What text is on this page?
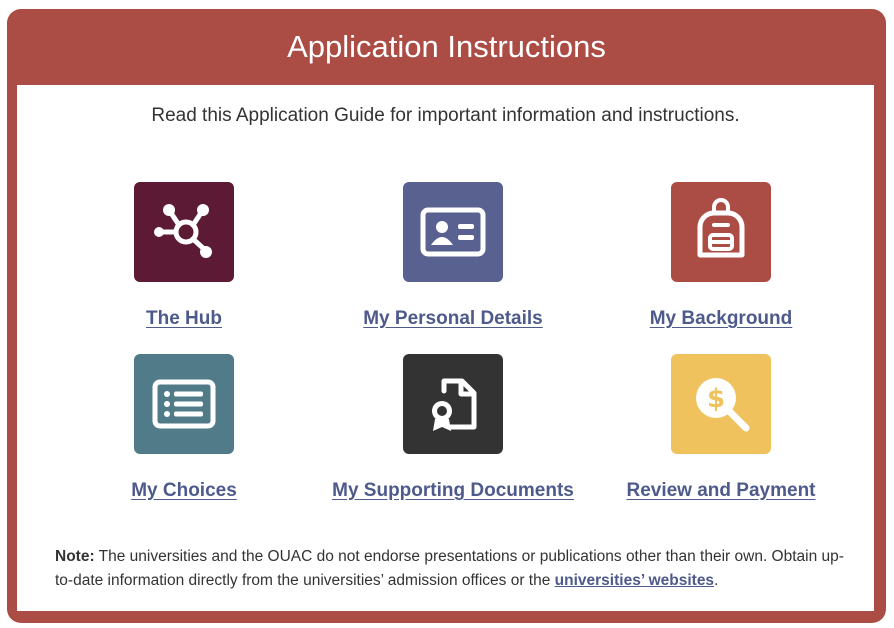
Application Instructions
Read this Application Guide for important information and instructions.
The Hub	My Personal Details	My Background
My Choices	My Supporting Documents
$
Review and Payment
Note: The universities and the OUAC do not endorse presentations or publications other than their own. Obtain up-to-date information directly from the universities’ admission offices or the universities’ websites.
